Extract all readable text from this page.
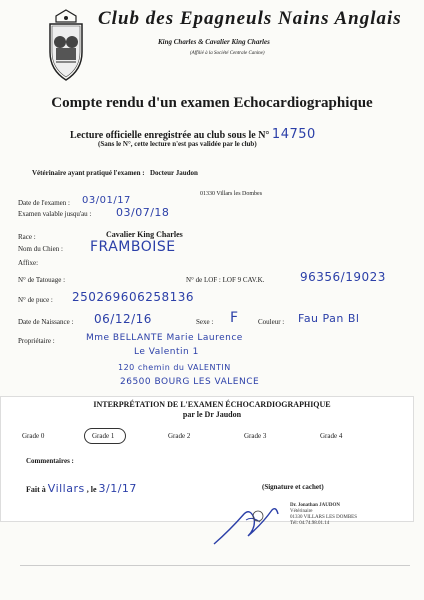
Club des Epagneuls Nains Anglais
King Charles & Cavalier King Charles
(Affilié à la Société Centrale Canine)
Compte rendu d'un examen Echocardiographique
Lecture officielle enregistrée au club sous le N° 14750
(Sans le N°, cette lecture n'est pas validée par le club)
Vétérinaire ayant pratiqué l'examen : Docteur Jaudon
01330 Villars les Dombes
Date de l'examen : 03/01/17
Examen valable jusqu'au : 03/07/18
Race :	Cavalier King Charles
Nom du Chien : FRAMBOISE
Affixe:
N° de Tatouage :	N° de LOF : LOF 9 CAV.K.	96356/19023
N° de puce : 250269606258136
Date de Naissance : 06/12/16	Sexe : F	Couleur : Fau Pan Bl
Propriétaire :	Mme BELLANTE Marie Laurence
Le Valentin 1
120 chemin du VALENTIN
26500 BOURG LES VALENCE
INTERPRÉTATION DE L'EXAMEN ÉCHOCARDIOGRAPHIQUE
par le Dr Jaudon
Grade 0	Grade 1	Grade 2	Grade 3	Grade 4
Commentaires :
Fait à Villars , le 3/1/17	(Signature et cachet)
Dr. Jonathan JAUDON
Vétérinaire
01330 VILLARS LES DOMBES
Tél: 04.74.98.01.14
